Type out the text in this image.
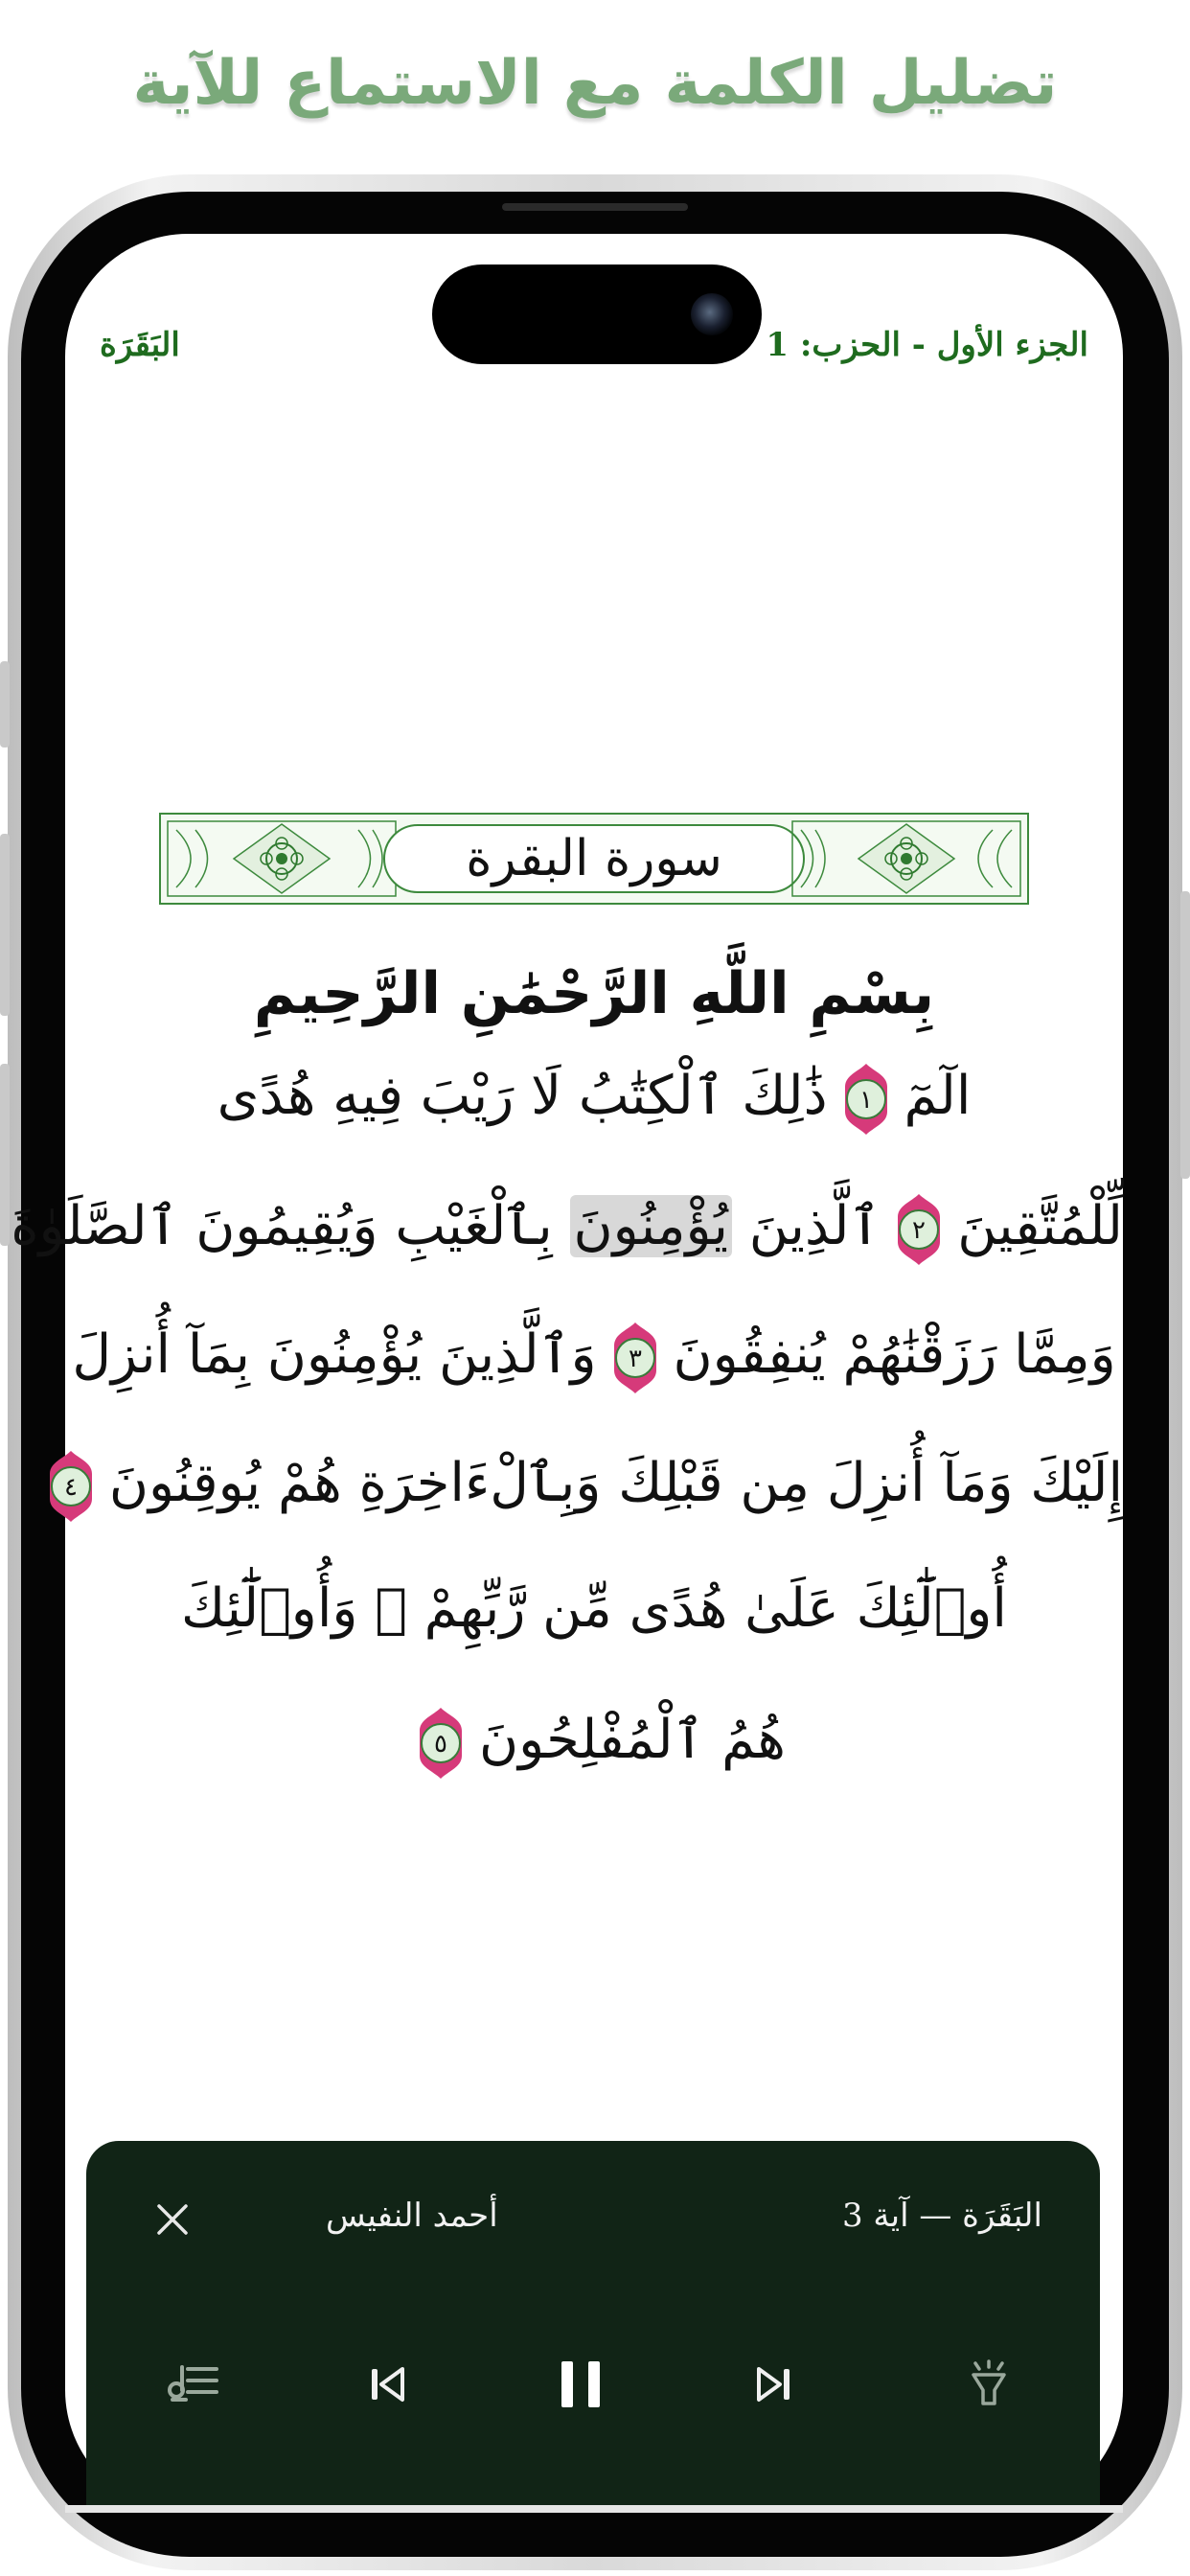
تضليل الكلمة مع الاستماع للآية
البَقَرَة	الجزء الأول - الحزب: 1
سورة البقرة
بِسْمِ اللَّهِ الرَّحْمَٰنِ الرَّحِيمِ
الٓمٓ
١
ذَٰلِكَ ٱلْكِتَٰبُ لَا رَيْبَ فِيهِ هُدًى
لِّلْمُتَّقِينَ
٢
ٱلَّذِينَ يُؤْمِنُونَ بِٱلْغَيْبِ وَيُقِيمُونَ ٱلصَّلَوٰةَ
وَمِمَّا رَزَقْنَٰهُمْ يُنفِقُونَ
٣
وَٱلَّذِينَ يُؤْمِنُونَ بِمَآ أُنزِلَ
إِلَيْكَ وَمَآ أُنزِلَ مِن قَبْلِكَ وَبِٱلْءَاخِرَةِ هُمْ يُوقِنُونَ
٤
أُو۟لَٰٓئِكَ عَلَىٰ هُدًى مِّن رَّبِّهِمْ ۖ وَأُو۟لَٰٓئِكَ
هُمُ ٱلْمُفْلِحُونَ
٥
أحمد النفيس	البَقَرَة — آية 3
